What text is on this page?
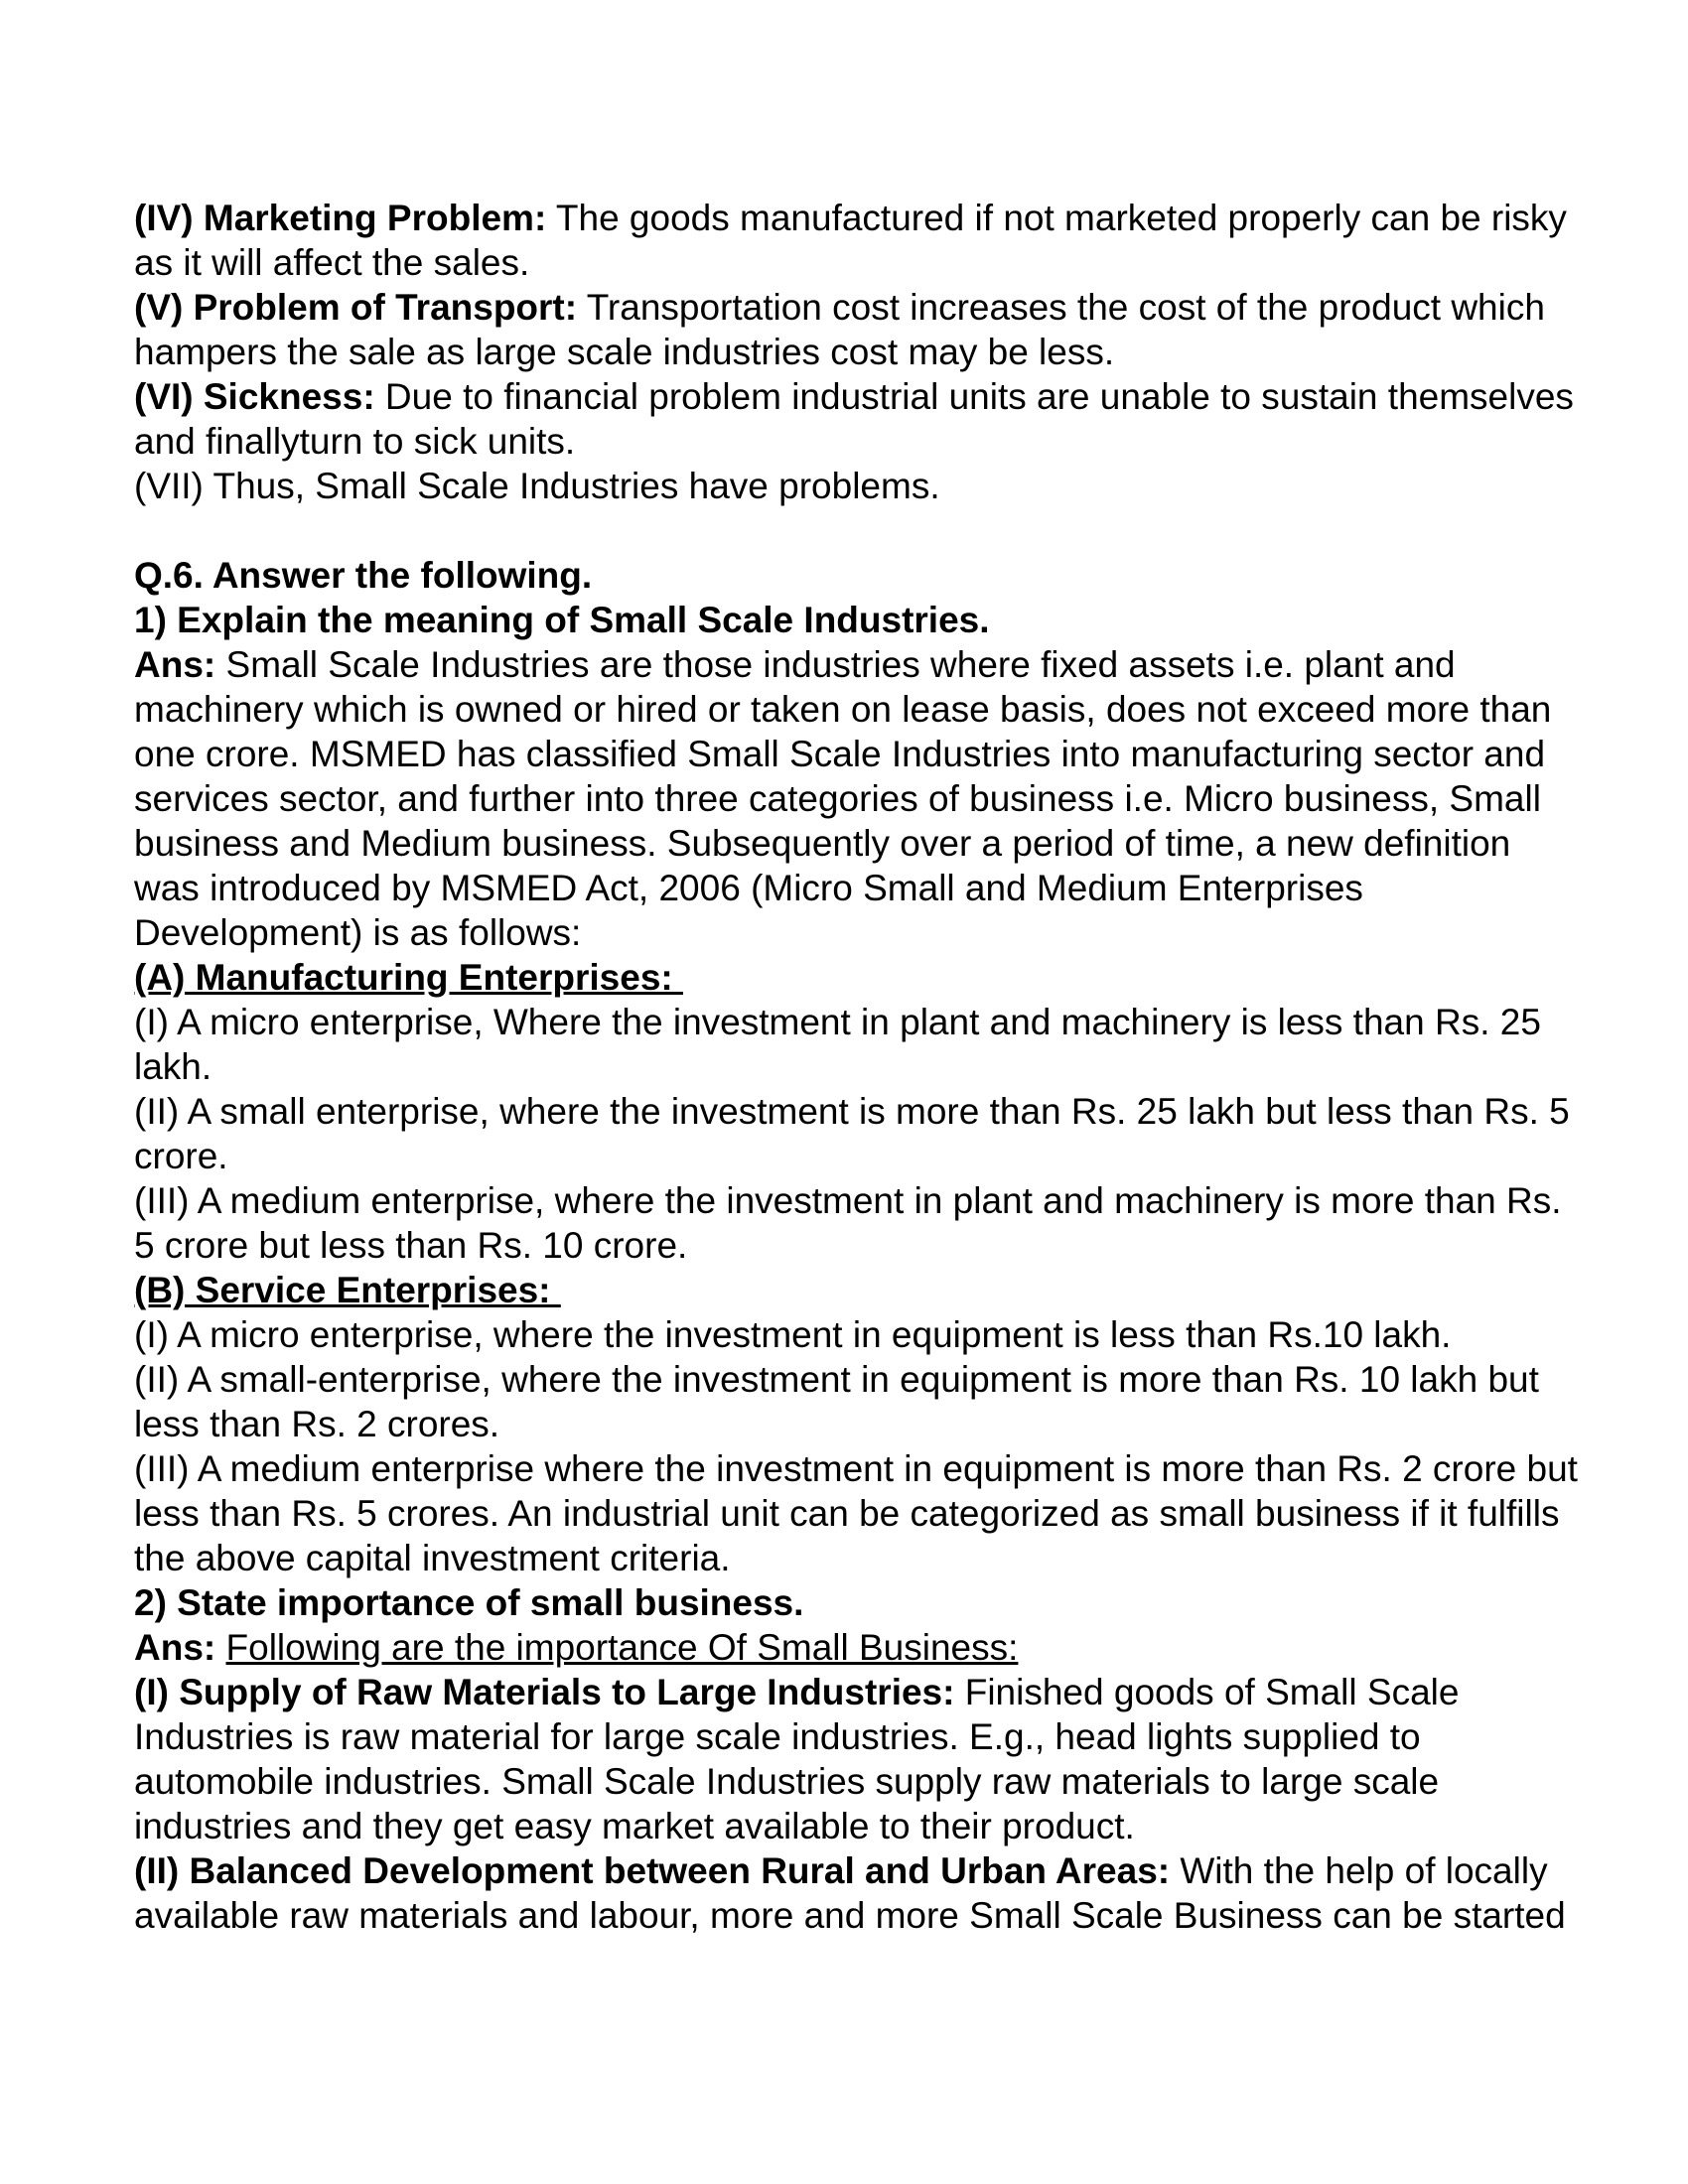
(IV) Marketing Problem: The goods manufactured if not marketed properly can be risky as it will affect the sales.

(V) Problem of Transport: Transportation cost increases the cost of the product which hampers the sale as large scale industries cost may be less.

(VI) Sickness: Due to financial problem industrial units are unable to sustain themselves and finallyturn to sick units.

(VII) Thus, Small Scale Industries have problems.

Q.6. Answer the following.

1) Explain the meaning of Small Scale Industries.

Ans: Small Scale Industries are those industries where fixed assets i.e. plant and machinery which is owned or hired or taken on lease basis, does not exceed more than one crore. MSMED has classified Small Scale Industries into manufacturing sector and services sector, and further into three categories of business i.e. Micro business, Small business and Medium business. Subsequently over a period of time, a new definition was introduced by MSMED Act, 2006 (Micro Small and Medium Enterprises Development) is as follows:

(A) Manufacturing Enterprises:

(I) A micro enterprise, Where the investment in plant and machinery is less than Rs. 25 lakh.

(II) A small enterprise, where the investment is more than Rs. 25 lakh but less than Rs. 5 crore.

(III) A medium enterprise, where the investment in plant and machinery is more than Rs. 5 crore but less than Rs. 10 crore.

(B) Service Enterprises:

(I) A micro enterprise, where the investment in equipment is less than Rs.10 lakh.

(II) A small-enterprise, where the investment in equipment is more than Rs. 10 lakh but less than Rs. 2 crores.

(III) A medium enterprise where the investment in equipment is more than Rs. 2 crore but less than Rs. 5 crores. An industrial unit can be categorized as small business if it fulfills the above capital investment criteria.

2) State importance of small business.

Ans: Following are the importance Of Small Business:

(I) Supply of Raw Materials to Large Industries: Finished goods of Small Scale Industries is raw material for large scale industries. E.g., head lights supplied to automobile industries. Small Scale Industries supply raw materials to large scale industries and they get easy market available to their product.

(II) Balanced Development between Rural and Urban Areas: With the help of locally available raw materials and labour, more and more Small Scale Business can be started
